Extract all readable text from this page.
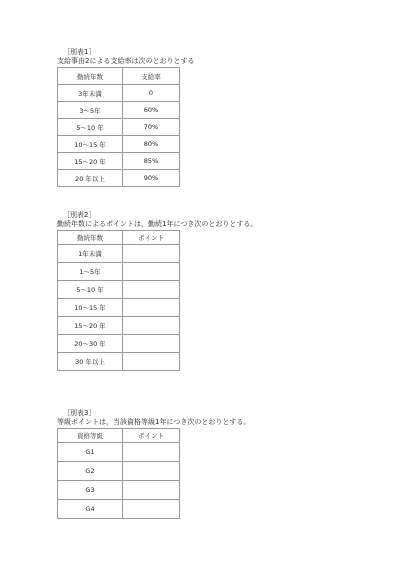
［別表1］
支給事由2による支給率は次のとおりとする
勤続年数	支給率
3年未満	0
3～5年	60%
5～10 年	70%
10～15 年	80%
15～20 年	85%
20 年以上	90%
［別表2］
勤続年数によるポイントは，勤続1年につき次のとおりとする。
勤続年数	ポイント
1年未満	
1～5年	
5～10 年	
10～15 年	
15～20 年	
20～30 年	
30 年以上	
［別表3］
等級ポイントは，当該資格等級1年につき次のとおりとする。
資格等級	ポイント
G1	
G2	
G3	
G4	
